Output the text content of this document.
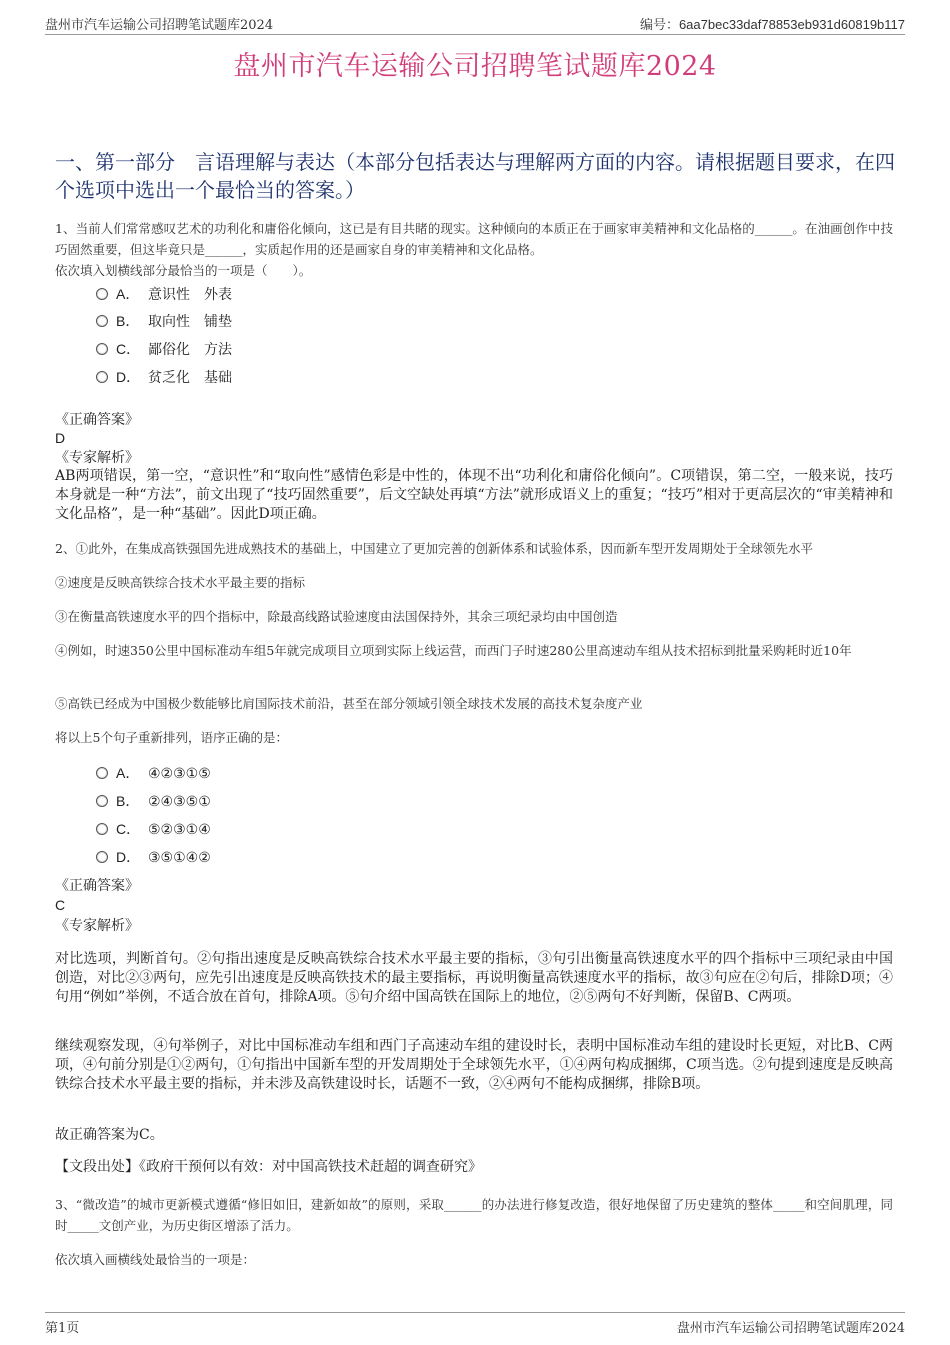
盘州市汽车运输公司招聘笔试题库2024	编号：6aa7bec33daf78853eb931d60819b117
盘州市汽车运输公司招聘笔试题库2024
一、第一部分　言语理解与表达（本部分包括表达与理解两方面的内容。请根据题目要求，在四个选项中选出一个最恰当的答案。）
1、当前人们常常感叹艺术的功利化和庸俗化倾向，这已是有目共睹的现实。这种倾向的本质正在于画家审美精神和文化品格的______。在油画创作中技巧固然重要，但这毕竟只是______，实质起作用的还是画家自身的审美精神和文化品格。
依次填入划横线部分最恰当的一项是（　　）。
A． 意识性　外表
B． 取向性　铺垫
C． 鄙俗化　方法
D． 贫乏化　基础
《正确答案》
D
《专家解析》
AB两项错误，第一空，“意识性”和“取向性”感情色彩是中性的，体现不出“功利化和庸俗化倾向”。C项错误，第二空，一般来说，技巧本身就是一种“方法”，前文出现了“技巧固然重要”，后文空缺处再填“方法”就形成语义上的重复；“技巧”相对于更高层次的“审美精神和文化品格”，是一种“基础”。因此D项正确。
2、①此外，在集成高铁强国先进成熟技术的基础上，中国建立了更加完善的创新体系和试验体系，因而新车型开发周期处于全球领先水平
②速度是反映高铁综合技术水平最主要的指标
③在衡量高铁速度水平的四个指标中，除最高线路试验速度由法国保持外，其余三项纪录均由中国创造
④例如，时速350公里中国标准动车组5年就完成项目立项到实际上线运营，而西门子时速280公里高速动车组从技术招标到批量采购耗时近10年
⑤高铁已经成为中国极少数能够比肩国际技术前沿，甚至在部分领域引领全球技术发展的高技术复杂度产业
将以上5个句子重新排列，语序正确的是：
A． ④②③①⑤
B． ②④③⑤①
C． ⑤②③①④
D． ③⑤①④②
《正确答案》
C
《专家解析》
对比选项，判断首句。②句指出速度是反映高铁综合技术水平最主要的指标，③句引出衡量高铁速度水平的四个指标中三项纪录由中国创造，对比②③两句，应先引出速度是反映高铁技术的最主要指标，再说明衡量高铁速度水平的指标，故③句应在②句后，排除D项；④句用“例如”举例，不适合放在首句，排除A项。⑤句介绍中国高铁在国际上的地位，②⑤两句不好判断，保留B、C两项。
继续观察发现，④句举例子，对比中国标准动车组和西门子高速动车组的建设时长，表明中国标准动车组的建设时长更短，对比B、C两项，④句前分别是①②两句，①句指出中国新车型的开发周期处于全球领先水平，①④两句构成捆绑，C项当选。②句提到速度是反映高铁综合技术水平最主要的指标，并未涉及高铁建设时长，话题不一致，②④两句不能构成捆绑，排除B项。
故正确答案为C。
【文段出处】《政府干预何以有效：对中国高铁技术赶超的调查研究》
3、“微改造”的城市更新模式遵循“修旧如旧，建新如故”的原则，采取______的办法进行修复改造，很好地保留了历史建筑的整体_____和空间肌理，同时_____文创产业，为历史街区增添了活力。
依次填入画横线处最恰当的一项是：
第1页	盘州市汽车运输公司招聘笔试题库2024
